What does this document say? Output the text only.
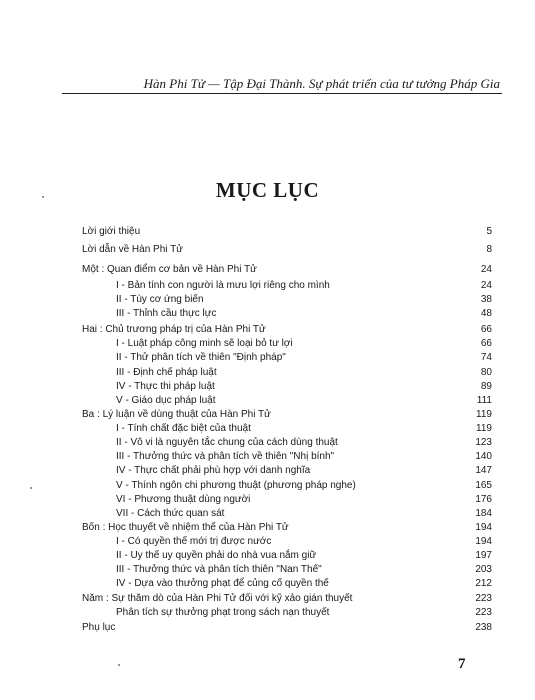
Hàn Phi Tử — Tập Đại Thành. Sự phát triển của tư tưởng Pháp Gia
MỤC LỤC
Lời giới thiệu	5
Lời dẫn về Hàn Phi Tử	8
Một : Quan điểm cơ bản về Hàn Phi Tử	24
I - Bản tính con người là mưu lợi riêng cho mình	24
II - Tùy cơ ứng biến	38
III - Thỉnh cầu thực lực	48
Hai : Chủ trương pháp trị của Hàn Phi Tử	66
I - Luật pháp công minh sẽ loại bỏ tư lợi	66
II - Thử phân tích về thiên "Định pháp"	74
III - Định chế pháp luật	80
IV - Thực thi pháp luật	89
V - Giáo dục pháp luật	111
Ba : Lý luận về dùng thuật của Hàn Phi Tử	119
I - Tính chất đặc biệt của thuật	119
II - Vô vi là nguyên tắc chung của cách dùng thuật	123
III - Thưởng thức và phân tích về thiên "Nhị bính"	140
IV - Thực chất phải phù hợp với danh nghĩa	147
V - Thính ngôn chi phương thuật (phương pháp nghe)	165
VI - Phương thuật dùng người	176
VII - Cách thức quan sát	184
Bốn : Học thuyết về nhiệm thế của Hàn Phi Tử	194
I - Có quyền thế mới trị được nước	194
II - Uy thế uy quyền phải do nhà vua nắm giữ	197
III - Thưởng thức và phân tích thiên "Nan Thế"	203
IV - Dựa vào thưởng phạt để củng cố quyền thế	212
Năm : Sự thăm dò của Hàn Phi Tử đối với kỹ xảo gián thuyết	223
Phân tích sự thưởng phạt trong sách nạn thuyết	223
Phụ lục	238
7
